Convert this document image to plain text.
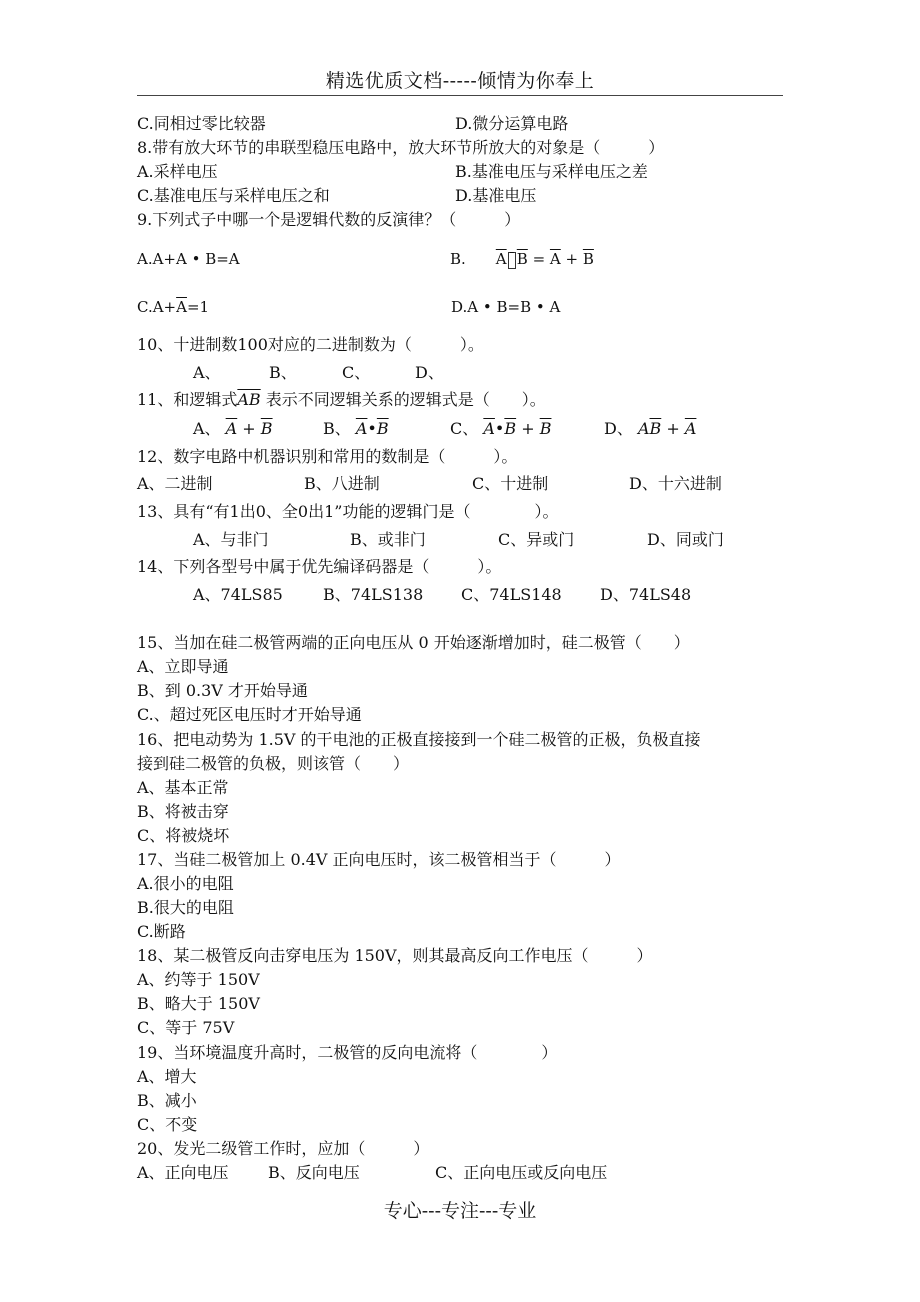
精选优质文档-----倾情为你奉上
C.同相过零比较器	D.微分运算电路
8.带有放大环节的串联型稳压电路中，放大环节所放大的对象是（　　　）
A.采样电压	B.基准电压与采样电压之差
C.基准电压与采样电压之和	D.基准电压
9.下列式子中哪一个是逻辑代数的反演律？（　　　）
A.A+A • B=A	B. A $B = \overline{A} + \overline{B}$
$C.A+\overline{A}=1$	D.A • B=B • A
10、十进制数100对应的二进制数为（　　　）。
A、	B、	C、	D、
11、和逻辑式$\overline{AB}$ 表示不同逻辑关系的逻辑式是（　　）。
A、 $\overline{A} + \overline{B}$	B、 $\overline{A}•\overline{B}$	C、 $\overline{A}•\overline{B} + \overline{B}$	D、 $A\overline{B} + \overline{A}$
12、数字电路中机器识别和常用的数制是（　　　）。
A、二进制	B、八进制	C、十进制	D、十六进制
13、具有“有1出0、全0出1”功能的逻辑门是（　　　　）。
A、与非门	B、或非门	C、异或门	D、同或门
14、下列各型号中属于优先编译码器是（　　　）。
A、74LS85	B、74LS138 C、74LS148 D、74LS48
15、当加在硅二极管两端的正向电压从 0 开始逐渐增加时，硅二极管（　　）
A、立即导通
B、到 0.3V 才开始导通
C.、超过死区电压时才开始导通
16、把电动势为 1.5V 的干电池的正极直接接到一个硅二极管的正极，负极直接
接到硅二极管的负极，则该管（　　）
A、基本正常
B、将被击穿
C、将被烧坏
17、当硅二极管加上 0.4V 正向电压时，该二极管相当于（　　　）
A.很小的电阻
B.很大的电阻
C.断路
18、某二极管反向击穿电压为 150V，则其最高反向工作电压（　　　）
A、约等于 150V
B、略大于 150V
C、等于 75V
19、当环境温度升高时，二极管的反向电流将（　　　　）
A、增大
B、减小
C、不变
20、发光二级管工作时，应加（　　　）
A、正向电压 B、反向电压	C、正向电压或反向电压
专心---专注---专业
